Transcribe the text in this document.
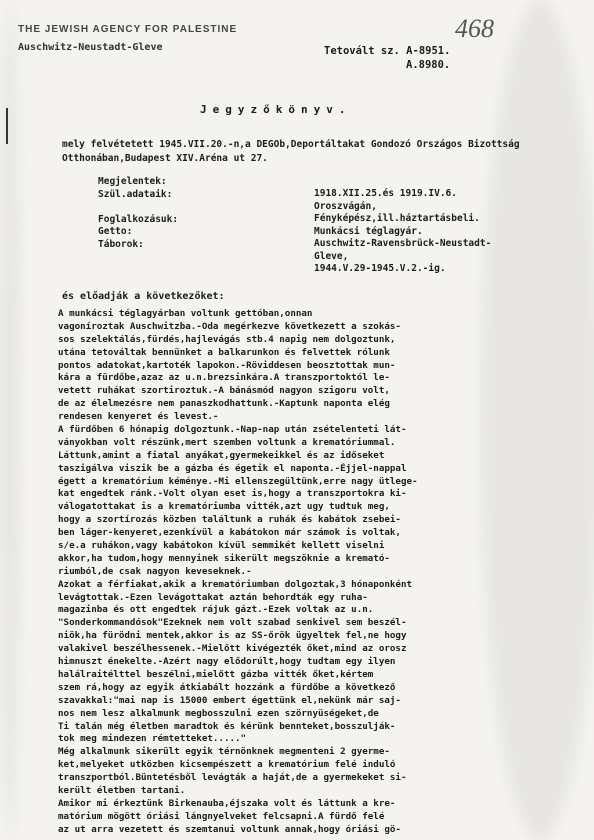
THE JEWISH AGENCY FOR PALESTINE
Auschwitz-Neustadt-Gleve
468
Tetovált sz. A-8951.
A.8980.
Jegyzőkönyv.
mely felvétetett 1945.VII.20.-n,a DEGOb,Deportáltakat Gondozó Országos Bizottság Otthonában,Budapest XIV.Aréna ut 27.
Megjelentek:
Szül.adataik:
Foglalkozásuk:
Getto:
Táborok:
1918.XII.25.és 1919.IV.6.
Oroszvágán,
Fényképész,ill.háztartásbeli.
Munkácsi téglagyár.
Auschwitz-Ravensbrück-Neustadt-
Gleve,
1944.V.29-1945.V.2.-ig.
és előadják a következőket:
A munkácsi téglagyárban voltunk gettóban,onnan
vagoníroztak Auschwitzba.-Oda megérkezve következett a szokás-
sos szelektálás,fürdés,hajlevágás stb.4 napig nem dolgoztunk,
utána tetováltak bennünket a balkarunkon és felvettek rólunk
pontos adatokat,kartoték lapokon.-Röviddesen beosztottak mun-
kára a fürdőbe,azaz az u.n.brezsinkára.A transzportoktól le-
vetett ruhákat szortiroztuk.-A bánásmód nagyon szigoru volt,
de az élelmezésre nem panaszkodhattunk.-Kaptunk naponta elég
rendesen kenyeret és levest.-
A fürdőben 6 hónapig dolgoztunk.-Nap-nap után zsételenteti lát-
ványokban volt részünk,mert szemben voltunk a krematóriummal.
Láttunk,amint a fiatal anyákat,gyermekeikkel és az időseket
taszigálva viszik be a gázba és égetik el naponta.-Éjjel-nappal
égett a krematórium kéménye.-Mi ellenszegültünk,erre nagy ütlege-
kat engedtek ránk.-Volt olyan eset is,hogy a transzportokra ki-
válogatottakat is a krematóriumba vitték,azt ugy tudtuk meg,
hogy a szortírozás közben találtunk a ruhák és kabátok zsebei-
ben láger-kenyeret,ezenkívül a kabátokon már számok is voltak,
s/e.a ruhákon,vagy kabátokon kívül semmikét kellett viselni
akkor,ha tudom,hogy mennyinek sikerült megszöknie a kremató-
riumból,de csak nagyon keveseknek.-
Azokat a férfiakat,akik a krematóriumban dolgoztak,3 hónaponként
levágtottak.-Ezen levágottakat aztán behordták egy ruha-
magazinba és ott engedtek rájuk gázt.-Ezek voltak az u.n.
"Sonderkommandósok"Ezeknek nem volt szabad senkivel sem beszél-
niök,ha fürödni mentek,akkor is az SS-őrök ügyeltek fel,ne hogy
valakivel beszélhessenek.-Mielőtt kivégezték őket,mind az orosz
himnuszt énekelte.-Azért nagy elődorúlt,hogy tudtam egy ilyen
halálraitélttel beszélni,mielőtt gázba vitték őket,kértem
szem rá,hogy az egyik átkiabált hozzánk a fürdőbe a következő
szavakkal:"mai nap is 15000 embert égettünk el,nekünk már saj-
nos nem lesz alkalmunk megbosszulni ezen szörnyüségeket,de
Ti talán még életben maradtok és kérünk bennteket,bosszulják-
tok meg mindezen rémtetteket....."
Még alkalmunk sikerült egyik térnönknek megmenteni 2 gyerme-
ket,melyeket utközben kicsempészett a krematórium felé induló
transzportból.Büntetésből levágták a haját,de a gyermekeket si-
került életben tartani.
Amikor mi érkeztünk Birkenauba,éjszaka volt és láttunk a kre-
matórium mögött óriási lángnyelveket felcsapni.A fürdő felé
az ut arra vezetett és szemtanui voltunk annak,hogy óriási gö-
